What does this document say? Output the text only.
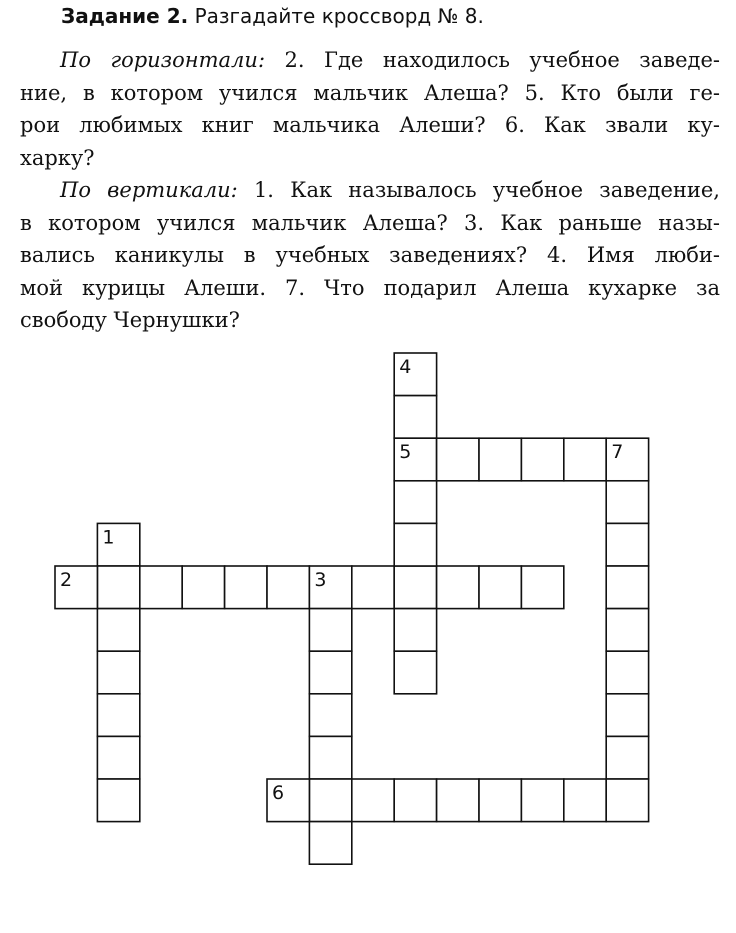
Задание 2. Разгадайте кроссворд № 8.

По горизонтали: 2. Где находилось учебное заведе-
ние, в котором учился мальчик Алеша? 5. Кто были ге-
рои любимых книг мальчика Алеши? 6. Как звали ку-
харку?

По вертикали: 1. Как называлось учебное заведение,
в котором учился мальчик Алеша? 3. Как раньше назы-
вались каникулы в учебных заведениях? 4. Имя люби-
мой курицы Алеши. 7. Что подарил Алеша кухарке за
свободу Чернушки?

1
2	3
4
5
6
7
